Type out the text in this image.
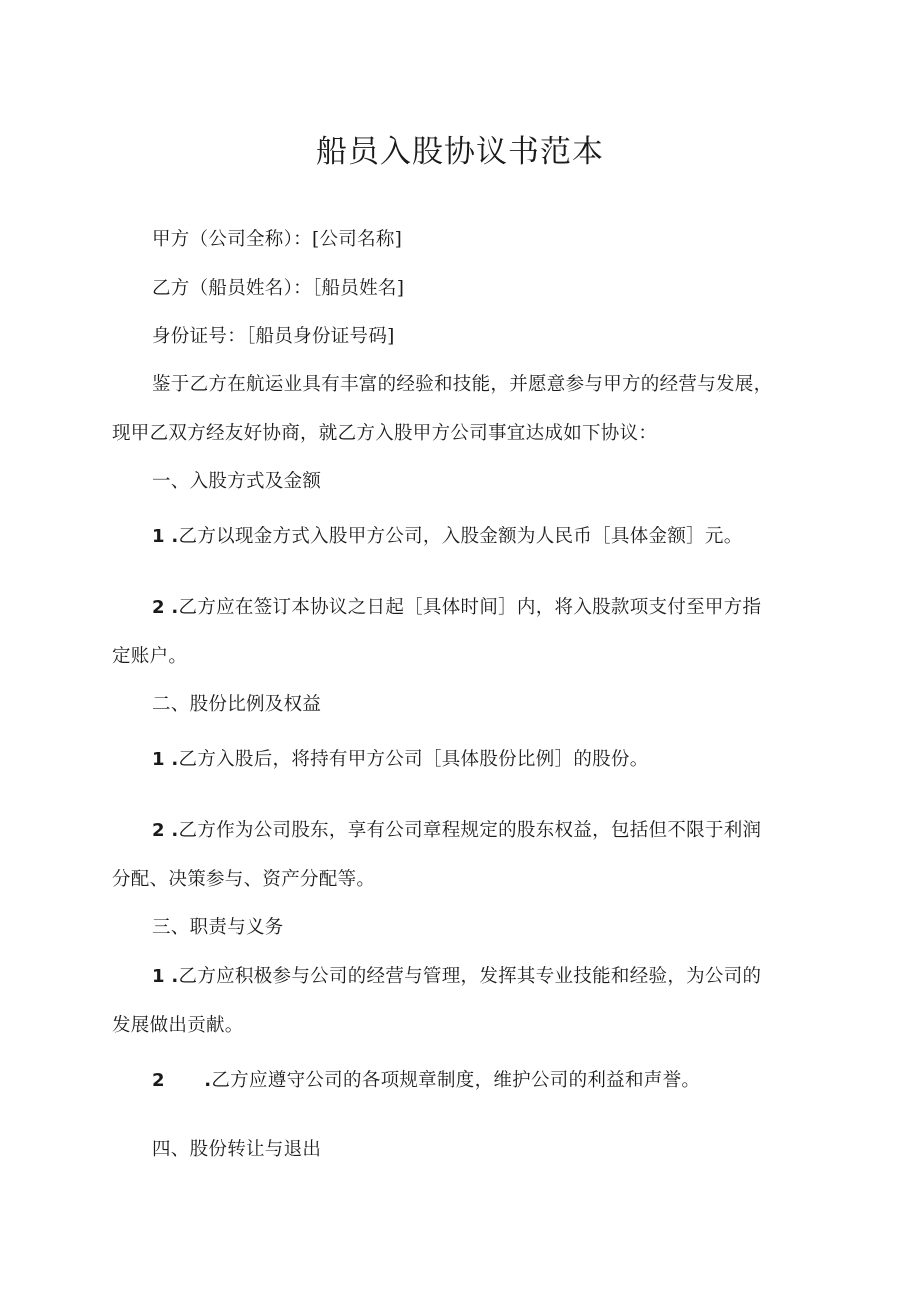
船员入股协议书范本
甲方（公司全称）：[公司名称]
乙方（船员姓名）：［船员姓名]
身份证号：［船员身份证号码]
鉴于乙方在航运业具有丰富的经验和技能，并愿意参与甲方的经营与发展，
现甲乙双方经友好协商，就乙方入股甲方公司事宜达成如下协议：
一、入股方式及金额
1 .乙方以现金方式入股甲方公司，入股金额为人民币［具体金额］元。
2 .乙方应在签订本协议之日起［具体时间］内，将入股款项支付至甲方指
定账户。
二、股份比例及权益
1 .乙方入股后，将持有甲方公司［具体股份比例］的股份。
2 .乙方作为公司股东，享有公司章程规定的股东权益，包括但不限于利润
分配、决策参与、资产分配等。
三、职责与义务
1 .乙方应积极参与公司的经营与管理，发挥其专业技能和经验，为公司的
发展做出贡献。
2      .乙方应遵守公司的各项规章制度，维护公司的利益和声誉。
四、股份转让与退出
